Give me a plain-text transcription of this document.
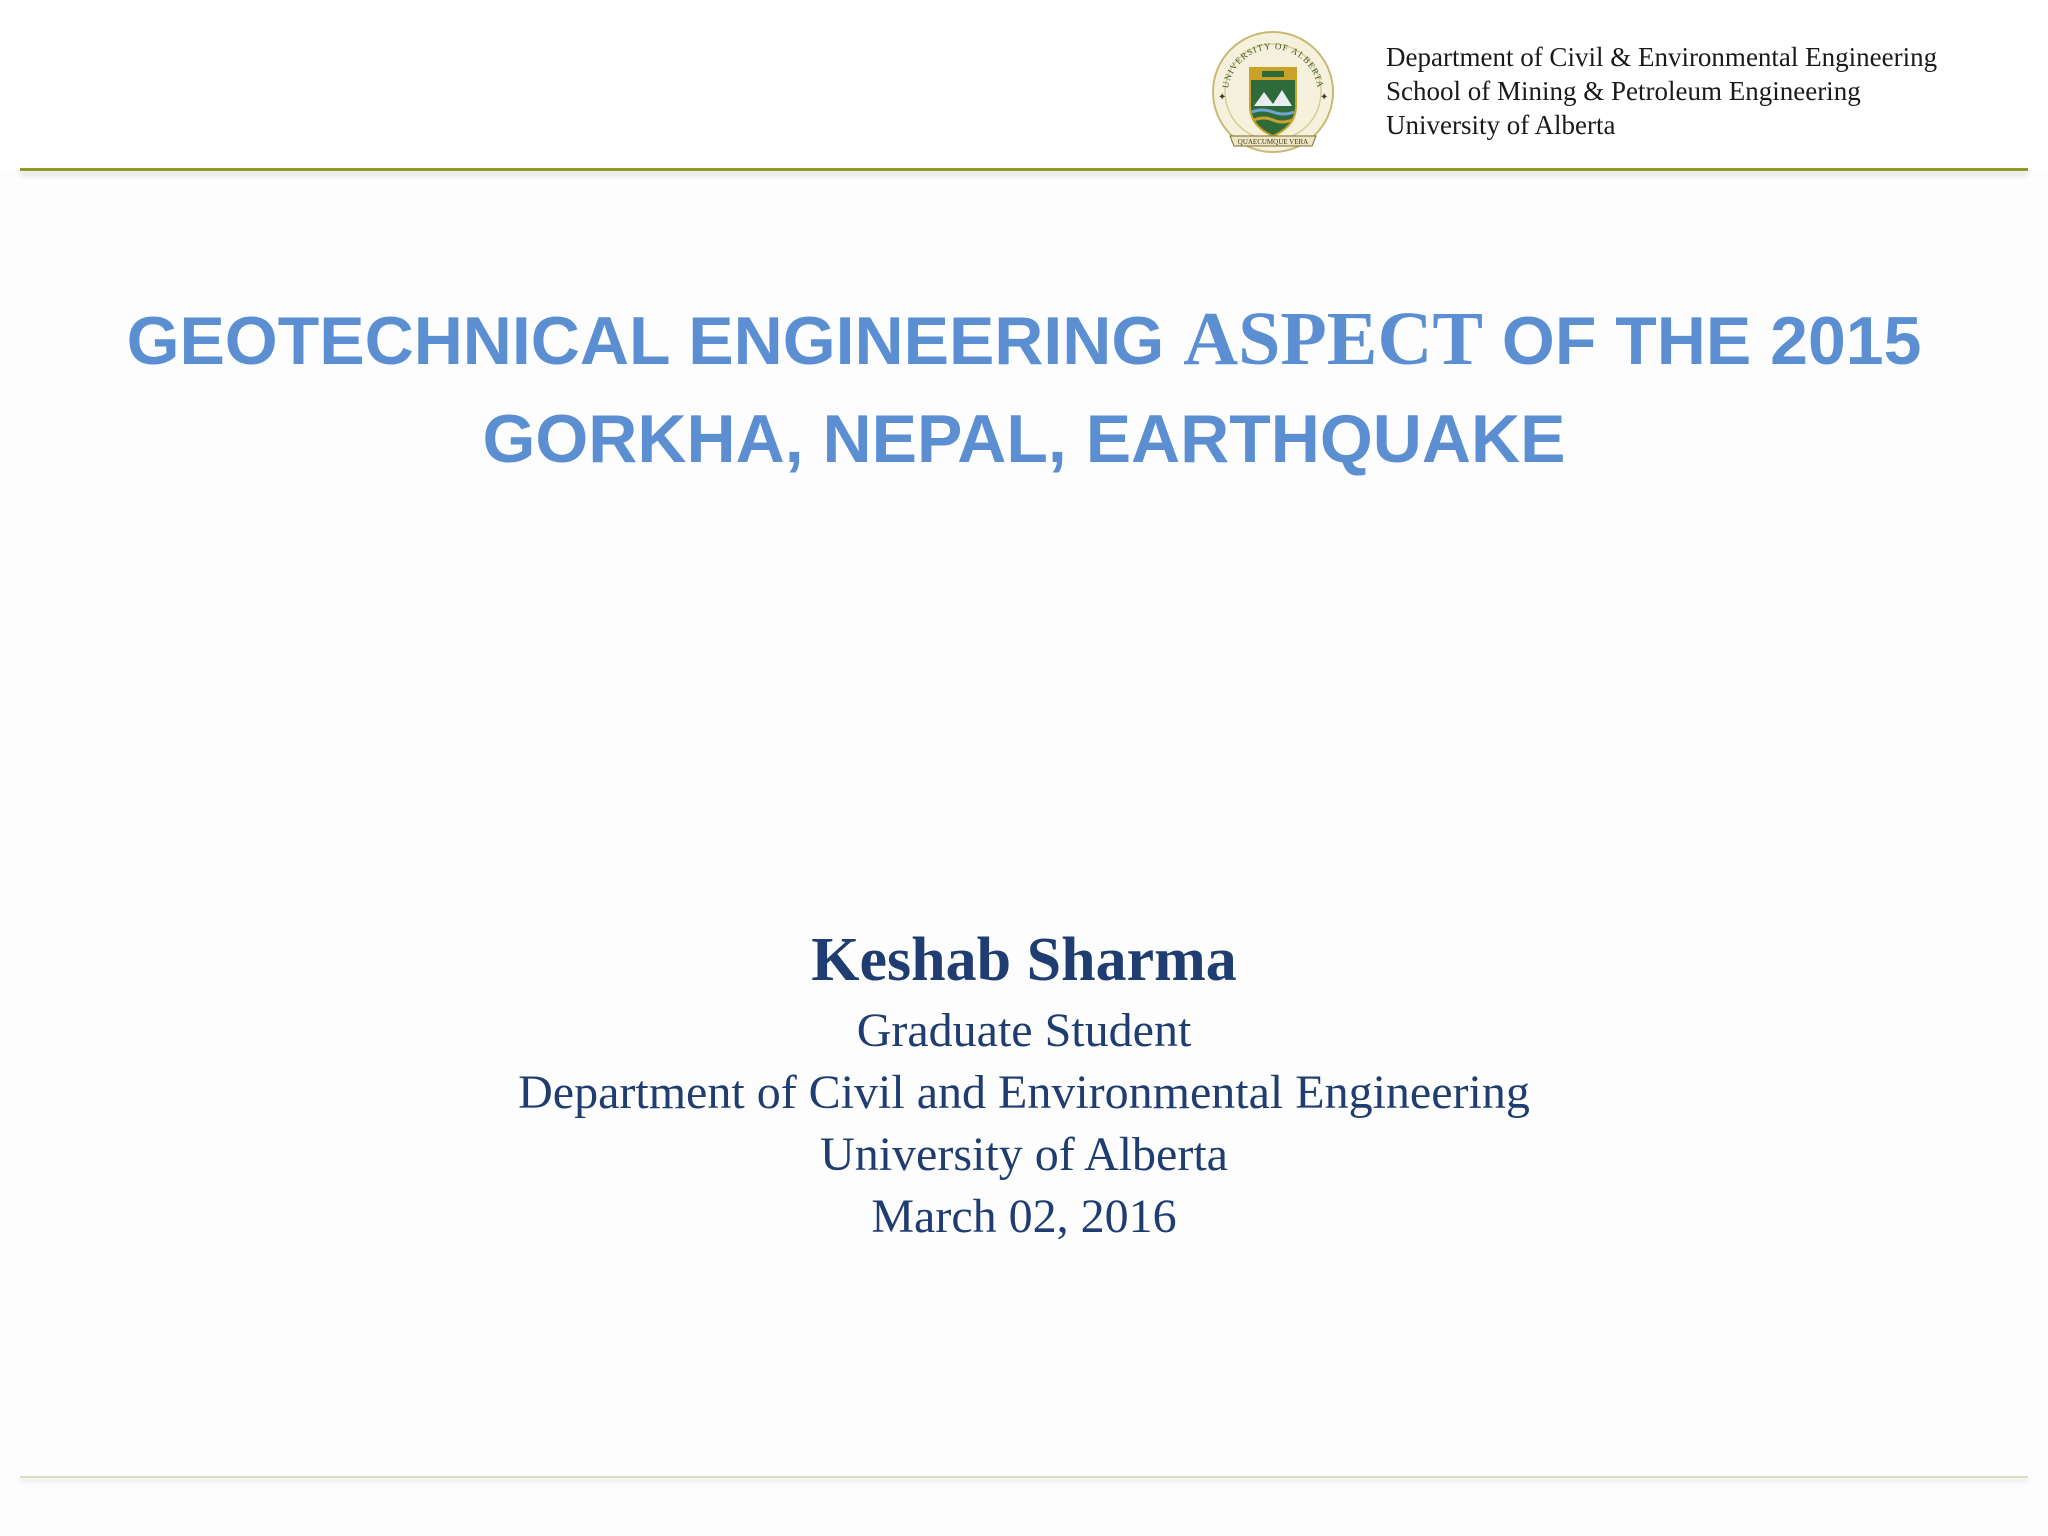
UNIVERSITY OF ALBERTA
QUAECUMQUE VERA
✦	✦
Department of Civil & Environmental Engineering
School of Mining & Petroleum Engineering
University of Alberta
GEOTECHNICAL ENGINEERING ASPECT OF THE 2015
GORKHA, NEPAL, EARTHQUAKE
Keshab Sharma
Graduate Student
Department of Civil and Environmental Engineering
University of Alberta
March 02, 2016
